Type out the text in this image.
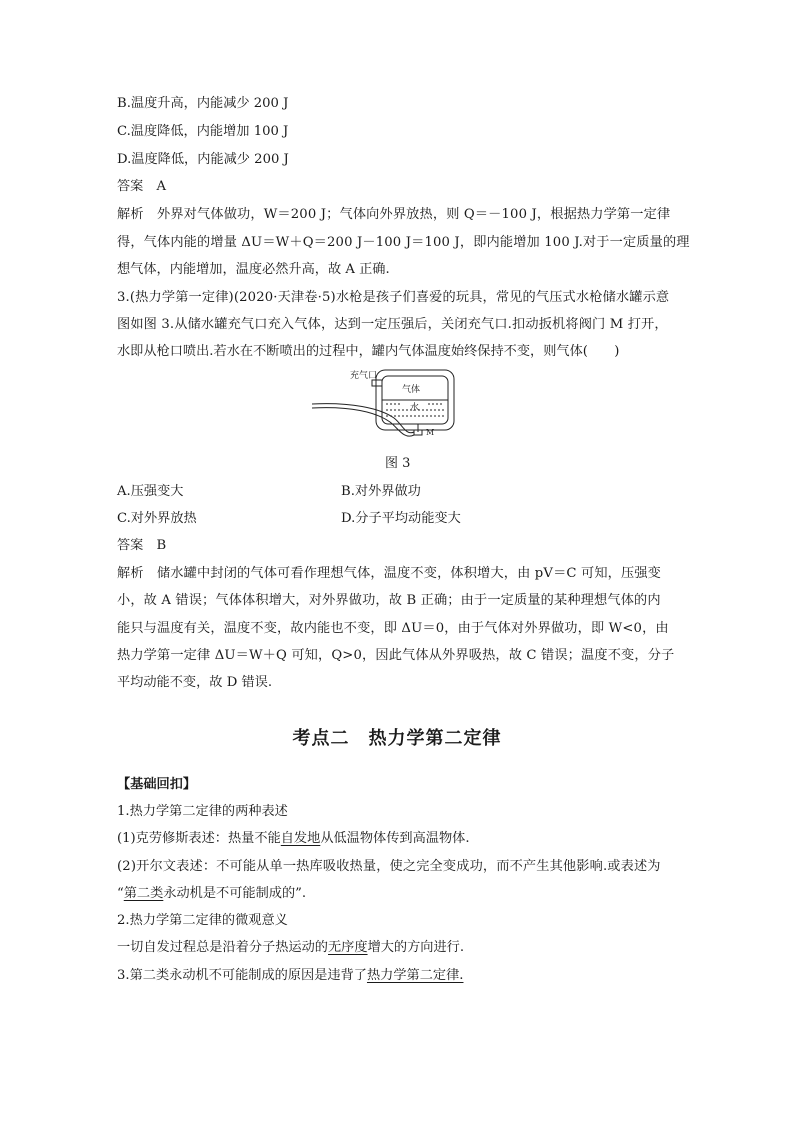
B.温度升高，内能减少 200 J
C.温度降低，内能增加 100 J
D.温度降低，内能减少 200 J
答案　A
解析　外界对气体做功，W＝200 J；气体向外界放热，则 Q＝－100 J，根据热力学第一定律
得，气体内能的增量 ΔU＝W＋Q＝200 J－100 J＝100 J，即内能增加 100 J.对于一定质量的理
想气体，内能增加，温度必然升高，故 A 正确.
3.(热力学第一定律)(2020·天津卷·5)水枪是孩子们喜爱的玩具，常见的气压式水枪储水罐示意
图如图 3.从储水罐充气口充入气体，达到一定压强后，关闭充气口.扣动扳机将阀门 M 打开，
水即从枪口喷出.若水在不断喷出的过程中，罐内气体温度始终保持不变，则气体(　　)
充气口
气体
水
M
图 3
A.压强变大	B.对外界做功
C.对外界放热	D.分子平均动能变大
答案　B
解析　储水罐中封闭的气体可看作理想气体，温度不变，体积增大，由 pV＝C 可知，压强变
小，故 A 错误；气体体积增大，对外界做功，故 B 正确；由于一定质量的某种理想气体的内
能只与温度有关，温度不变，故内能也不变，即 ΔU＝0，由于气体对外界做功，即 W<0，由
热力学第一定律 ΔU＝W＋Q 可知，Q>0，因此气体从外界吸热，故 C 错误；温度不变，分子
平均动能不变，故 D 错误.
考点二　热力学第二定律
【基础回扣】
1.热力学第二定律的两种表述
(1)克劳修斯表述：热量不能自发地从低温物体传到高温物体.
(2)开尔文表述：不可能从单一热库吸收热量，使之完全变成功，而不产生其他影响.或表述为
“第二类永动机是不可能制成的”.
2.热力学第二定律的微观意义
一切自发过程总是沿着分子热运动的无序度增大的方向进行.
3.第二类永动机不可能制成的原因是违背了热力学第二定律.
